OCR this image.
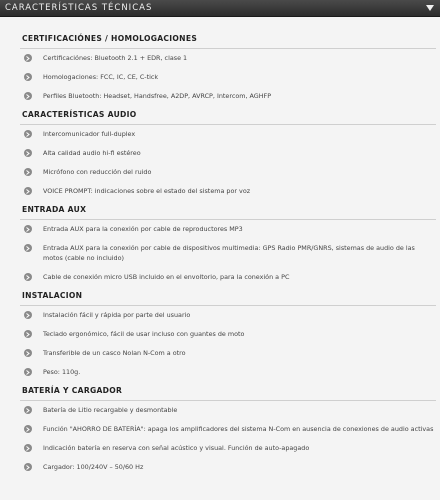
CARACTERÍSTICAS TÉCNICAS
CERTIFICACIÓNES / HOMOLOGACIONES
Certificaciónes: Bluetooth 2.1 + EDR, clase 1
Homologaciones: FCC, IC, CE, C-tick
Perfiles Bluetooth: Headset, Handsfree, A2DP, AVRCP, Intercom, AGHFP
CARACTERÍSTICAS AUDIO
Intercomunicador full-duplex
Alta calidad audio hi-fi estéreo
Micrófono con reducción del ruido
VOICE PROMPT: indicaciones sobre el estado del sistema por voz
ENTRADA AUX
Entrada AUX para la conexión por cable de reproductores MP3
Entrada AUX para la conexión por cable de dispositivos multimedia: GPS Radio PMR/GNRS, sistemas de audio de las motos (cable no incluido)
Cable de conexión micro USB incluido en el envoltorio, para la conexión a PC
INSTALACION
Instalación fácil y rápida por parte del usuario
Teclado ergonómico, fácil de usar incluso con guantes de moto
Transferible de un casco Nolan N-Com a otro
Peso: 110g.
BATERÍA Y CARGADOR
Batería de Litio recargable y desmontable
Función "AHORRO DE BATERÍA": apaga los amplificadores del sistema N-Com en ausencia de conexiones de audio activas
Indicación batería en reserva con señal acústico y visual. Función de auto-apagado
Cargador: 100/240V – 50/60 Hz
